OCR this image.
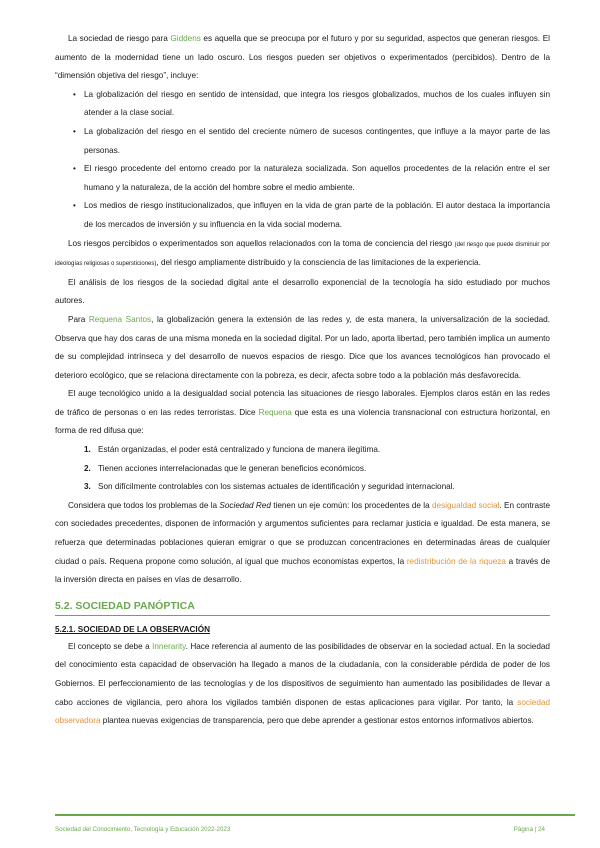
La sociedad de riesgo para Giddens es aquella que se preocupa por el futuro y por su seguridad, aspectos que generan riesgos. El aumento de la modernidad tiene un lado oscuro. Los riesgos pueden ser objetivos o experimentados (percibidos). Dentro de la “dimensión objetiva del riesgo”, incluye:

• La globalización del riesgo en sentido de intensidad, que integra los riesgos globalizados, muchos de los cuales influyen sin atender a la clase social.
• La globalización del riesgo en el sentido del creciente número de sucesos contingentes, que influye a la mayor parte de las personas.
• El riesgo procedente del entorno creado por la naturaleza socializada. Son aquellos procedentes de la relación entre el ser humano y la naturaleza, de la acción del hombre sobre el medio ambiente.
• Los medios de riesgo institucionalizados, que influyen en la vida de gran parte de la población. El autor destaca la importancia de los mercados de inversión y su influencia en la vida social moderna.

Los riesgos percibidos o experimentados son aquellos relacionados con la toma de conciencia del riesgo (del riesgo que puede disminuir por ideologías religiosas o supersticiones), del riesgo ampliamente distribuido y la consciencia de las limitaciones de la experiencia.

El análisis de los riesgos de la sociedad digital ante el desarrollo exponencial de la tecnología ha sido estudiado por muchos autores.

Para Requena Santos, la globalización genera la extensión de las redes y, de esta manera, la universalización de la sociedad. Observa que hay dos caras de una misma moneda en la sociedad digital. Por un lado, aporta libertad, pero también implica un aumento de su complejidad intrínseca y del desarrollo de nuevos espacios de riesgo. Dice que los avances tecnológicos han provocado el deterioro ecológico, que se relaciona directamente con la pobreza, es decir, afecta sobre todo a la población más desfavorecida.

El auge tecnológico unido a la desigualdad social potencia las situaciones de riesgo laborales. Ejemplos claros están en las redes de tráfico de personas o en las redes terroristas. Dice Requena que esta es una violencia transnacional con estructura horizontal, en forma de red difusa que:

1. Están organizadas, el poder está centralizado y funciona de manera ilegítima.
2. Tienen acciones interrelacionadas que le generan beneficios económicos.
3. Son difícilmente controlables con los sistemas actuales de identificación y seguridad internacional.

Considera que todos los problemas de la Sociedad Red tienen un eje común: los procedentes de la desigualdad social. En contraste con sociedades precedentes, disponen de información y argumentos suficientes para reclamar justicia e igualdad. De esta manera, se refuerza que determinadas poblaciones quieran emigrar o que se produzcan concentraciones en determinadas áreas de cualquier ciudad o país. Requena propone como solución, al igual que muchos economistas expertos, la redistribución de la riqueza a través de la inversión directa en países en vías de desarrollo.

5.2. SOCIEDAD PANÓPTICA
5.2.1. SOCIEDAD DE LA OBSERVACIÓN

El concepto se debe a Innerarity. Hace referencia al aumento de las posibilidades de observar en la sociedad actual. En la sociedad del conocimiento esta capacidad de observación ha llegado a manos de la ciudadanía, con la considerable pérdida de poder de los Gobiernos. El perfeccionamiento de las tecnologías y de los dispositivos de seguimiento han aumentado las posibilidades de llevar a cabo acciones de vigilancia, pero ahora los vigilados también disponen de estas aplicaciones para vigilar. Por tanto, la sociedad observadora plantea nuevas exigencias de transparencia, pero que debe aprender a gestionar estos entornos informativos abiertos.

Sociedad del Conocimiento, Tecnología y Educación 2022-2023	Página | 24
